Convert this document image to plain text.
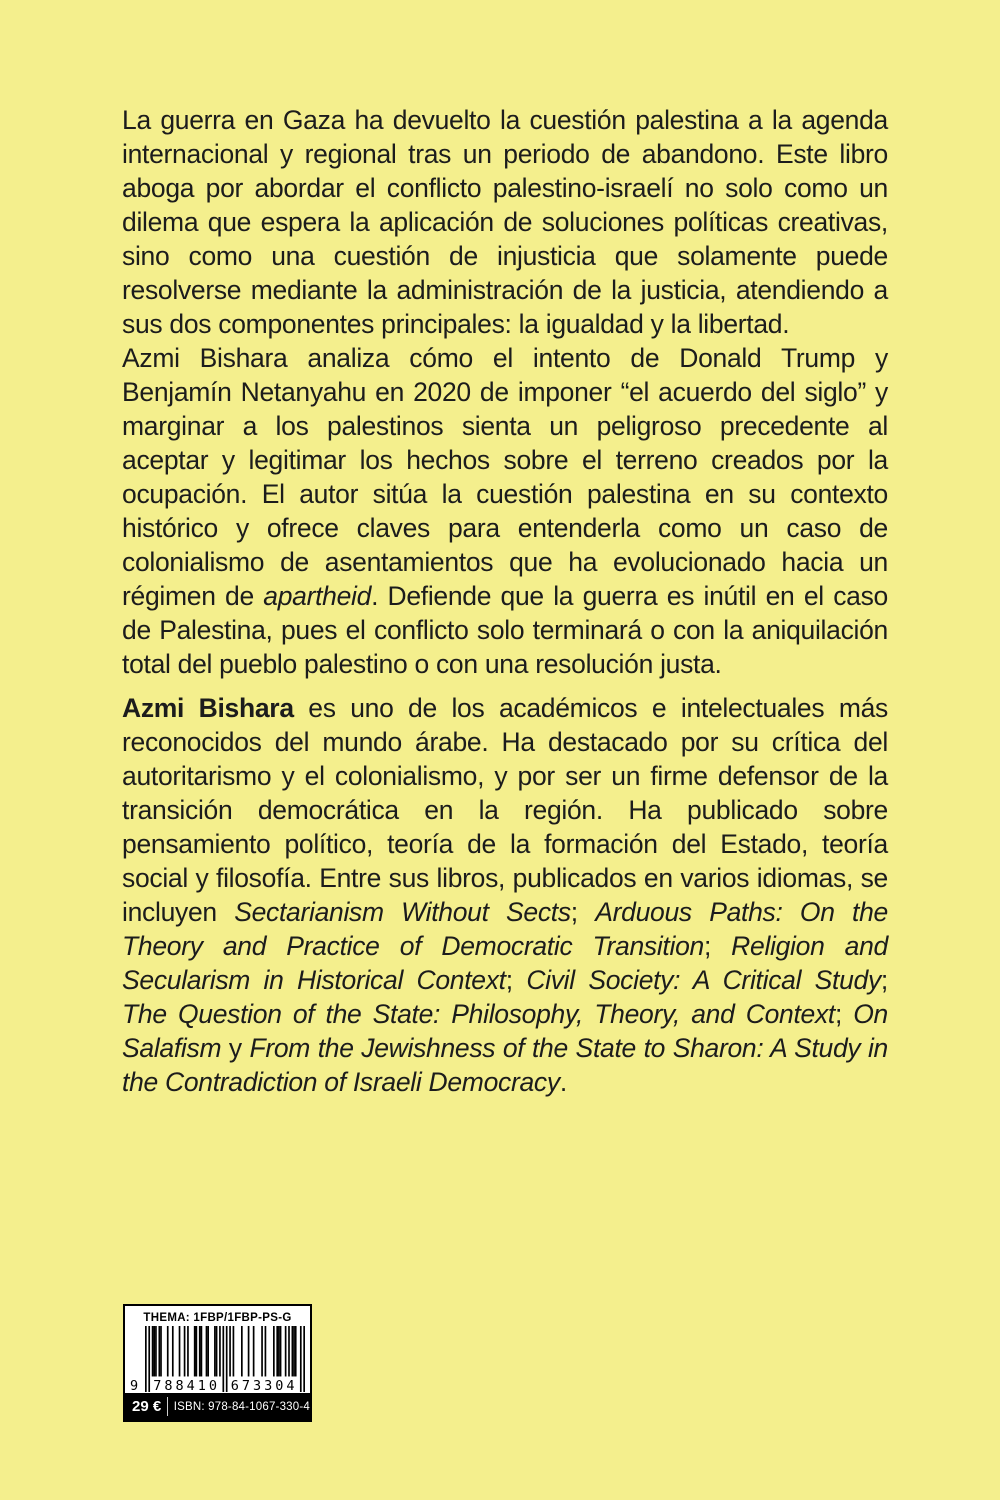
La guerra en Gaza ha devuelto la cuestión palestina a la agenda internacional y regional tras un periodo de abandono. Este libro aboga por abordar el conflicto palestino-israelí no solo como un dilema que espera la aplicación de soluciones políticas creativas, sino como una cuestión de injusticia que solamente puede resolverse mediante la administración de la justicia, atendiendo a sus dos componentes principales: la igualdad y la libertad.

Azmi Bishara analiza cómo el intento de Donald Trump y Benjamín Netanyahu en 2020 de imponer “el acuerdo del siglo” y marginar a los palestinos sienta un peligroso precedente al aceptar y legitimar los hechos sobre el terreno creados por la ocupación. El autor sitúa la cuestión palestina en su contexto histórico y ofrece claves para entenderla como un caso de colonialismo de asentamientos que ha evolucionado hacia un régimen de apartheid. Defiende que la guerra es inútil en el caso de Palestina, pues el conflicto solo terminará o con la aniquilación total del pueblo palestino o con una resolución justa.

Azmi Bishara es uno de los académicos e intelectuales más reconocidos del mundo árabe. Ha destacado por su crítica del autoritarismo y el colonialismo, y por ser un firme defensor de la transición democrática en la región. Ha publicado sobre pensamiento político, teoría de la formación del Estado, teoría social y filosofía. Entre sus libros, publicados en varios idiomas, se incluyen Sectarianism Without Sects; Arduous Paths: On the Theory and Practice of Democratic Transition; Religion and Secularism in Historical Context; Civil Society: A Critical Study; The Question of the State: Philosophy, Theory, and Context; On Salafism y From the Jewishness of the State to Sharon: A Study in the Contradiction of Israeli Democracy.

THEMA: 1FBP/1FBP-PS-G
9 788410 673304
29 € ISBN: 978-84-1067-330-4
